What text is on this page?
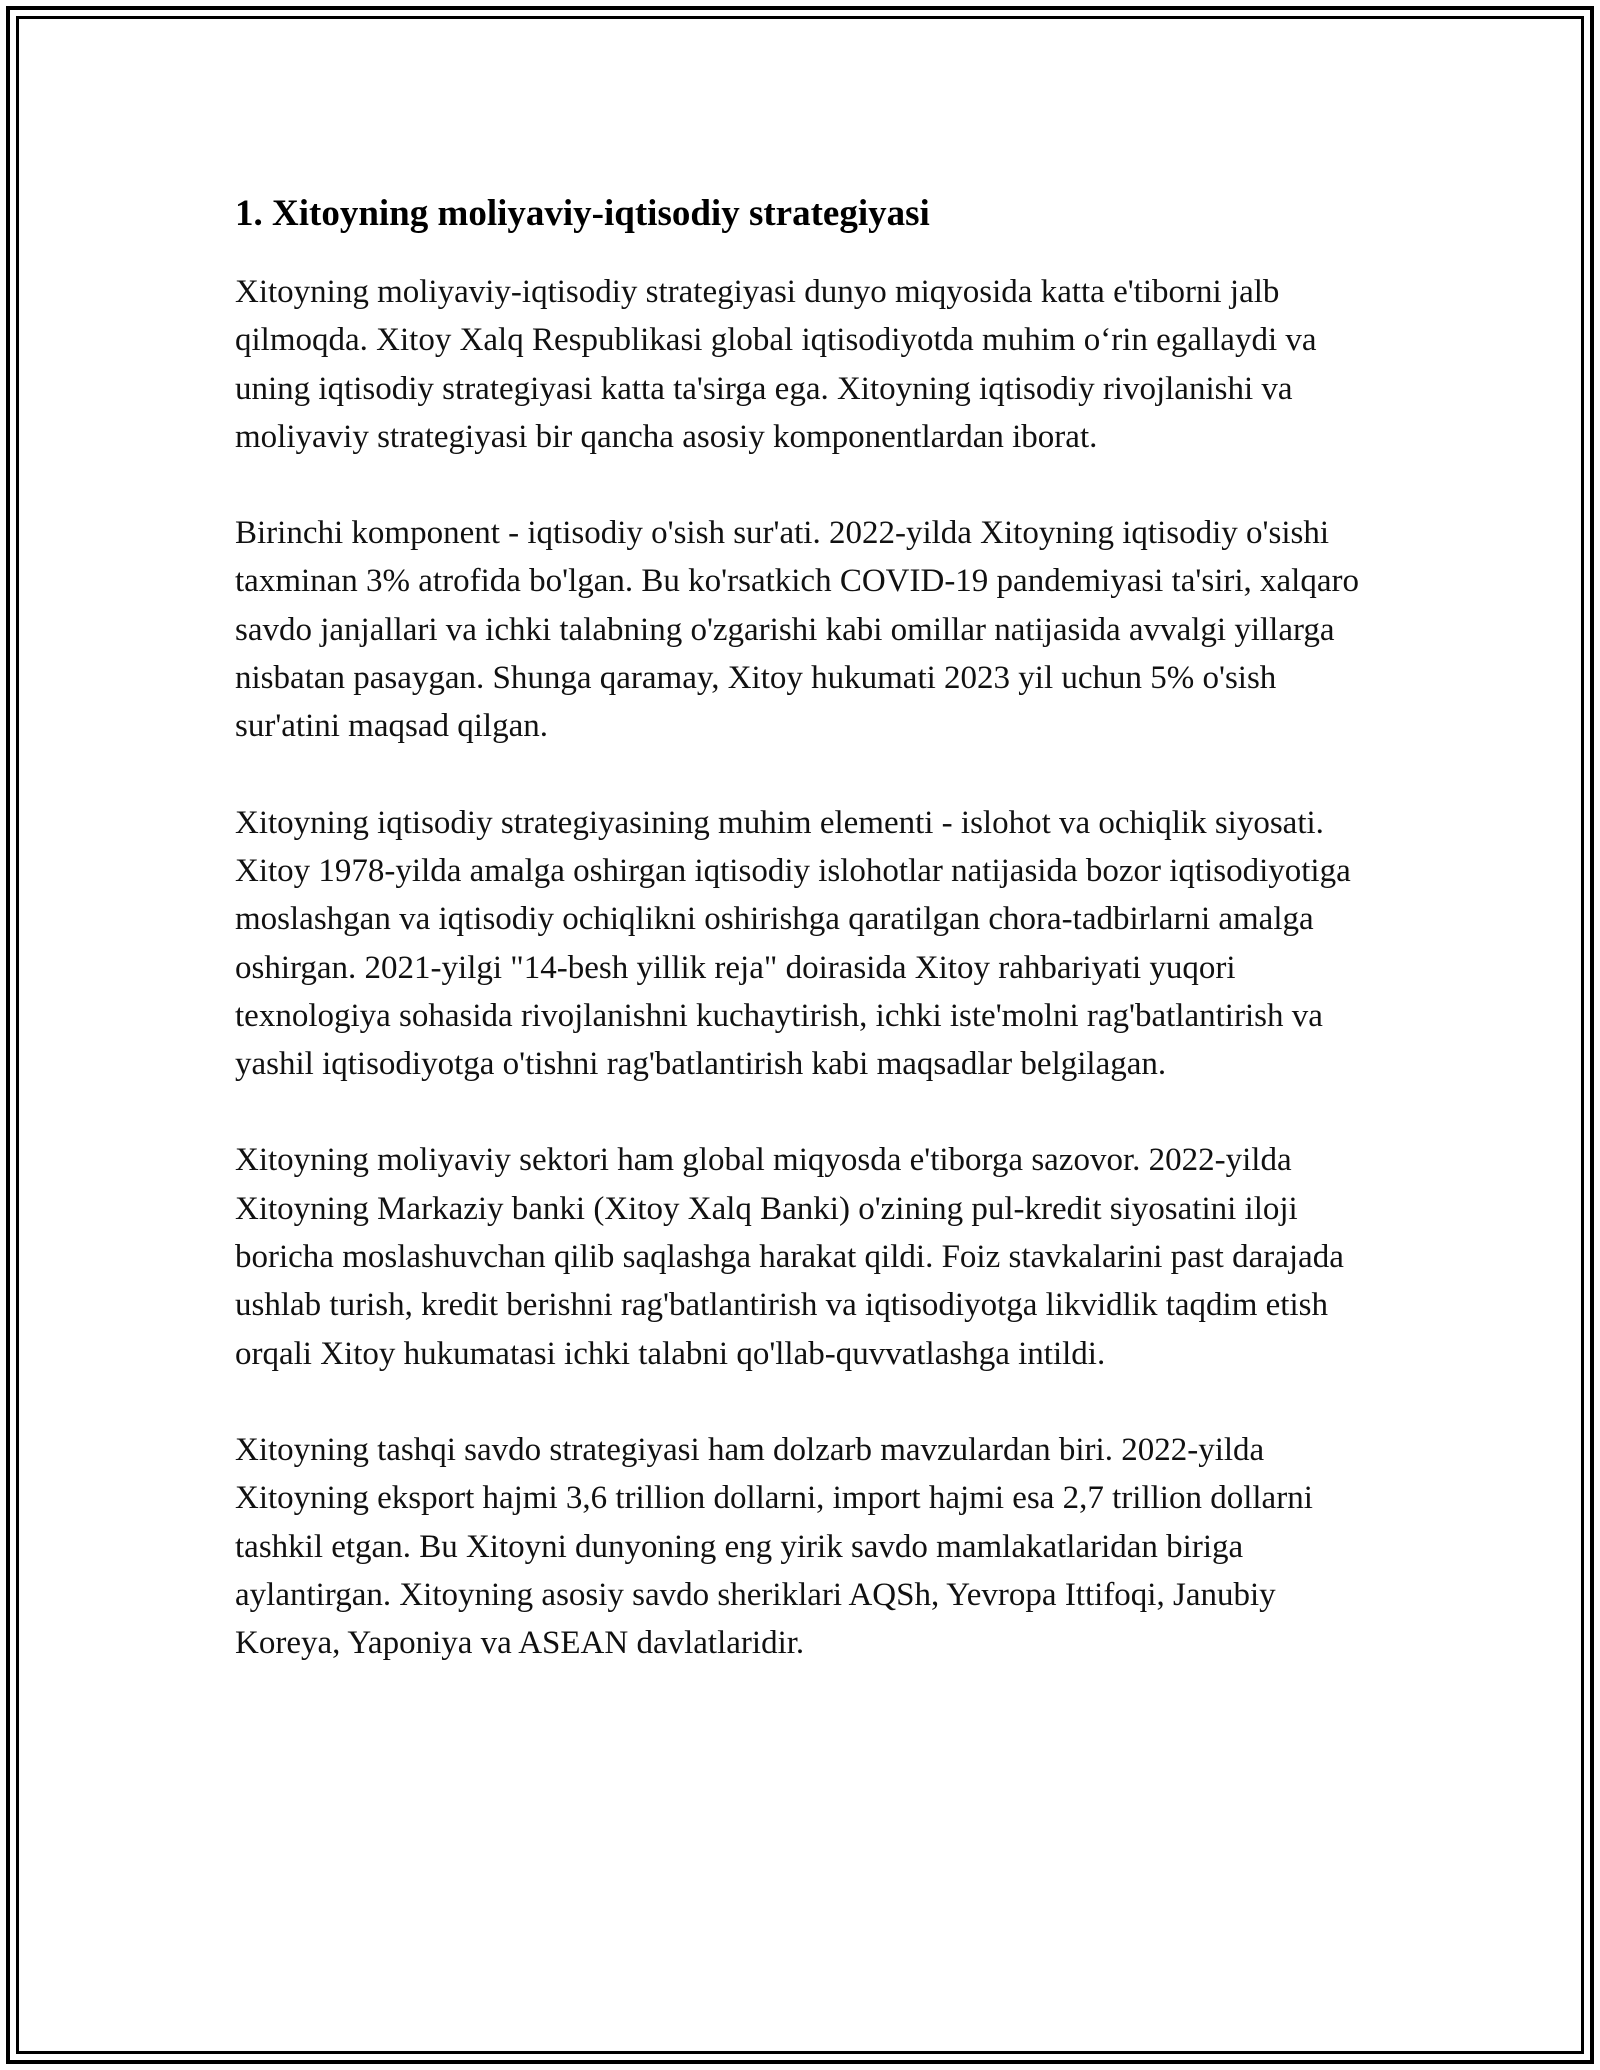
1. Xitoyning moliyaviy-iqtisodiy strategiyasi

Xitoyning moliyaviy-iqtisodiy strategiyasi dunyo miqyosida katta e'tiborni jalb qilmoqda. Xitoy Xalq Respublikasi global iqtisodiyotda muhim o‘rin egallaydi va uning iqtisodiy strategiyasi katta ta'sirga ega. Xitoyning iqtisodiy rivojlanishi va moliyaviy strategiyasi bir qancha asosiy komponentlardan iborat.

Birinchi komponent - iqtisodiy o'sish sur'ati. 2022-yilda Xitoyning iqtisodiy o'sishi taxminan 3% atrofida bo'lgan. Bu ko'rsatkich COVID-19 pandemiyasi ta'siri, xalqaro savdo janjallari va ichki talabning o'zgarishi kabi omillar natijasida avvalgi yillarga nisbatan pasaygan. Shunga qaramay, Xitoy hukumati 2023 yil uchun 5% o'sish sur'atini maqsad qilgan.

Xitoyning iqtisodiy strategiyasining muhim elementi - islohot va ochiqlik siyosati. Xitoy 1978-yilda amalga oshirgan iqtisodiy islohotlar natijasida bozor iqtisodiyotiga moslashgan va iqtisodiy ochiqlikni oshirishga qaratilgan chora-tadbirlarni amalga oshirgan. 2021-yilgi "14-besh yillik reja" doirasida Xitoy rahbariyati yuqori texnologiya sohasida rivojlanishni kuchaytirish, ichki iste'molni rag'batlantirish va yashil iqtisodiyotga o'tishni rag'batlantirish kabi maqsadlar belgilagan.

Xitoyning moliyaviy sektori ham global miqyosda e'tiborga sazovor. 2022-yilda Xitoyning Markaziy banki (Xitoy Xalq Banki) o'zining pul-kredit siyosatini iloji boricha moslashuvchan qilib saqlashga harakat qildi. Foiz stavkalarini past darajada ushlab turish, kredit berishni rag'batlantirish va iqtisodiyotga likvidlik taqdim etish orqali Xitoy hukumatasi ichki talabni qo'llab-quvvatlashga intildi.

Xitoyning tashqi savdo strategiyasi ham dolzarb mavzulardan biri. 2022-yilda Xitoyning eksport hajmi 3,6 trillion dollarni, import hajmi esa 2,7 trillion dollarni tashkil etgan. Bu Xitoyni dunyoning eng yirik savdo mamlakatlaridan biriga aylantirgan. Xitoyning asosiy savdo sheriklari AQSh, Yevropa Ittifoqi, Janubiy Koreya, Yaponiya va ASEAN davlatlaridir.
